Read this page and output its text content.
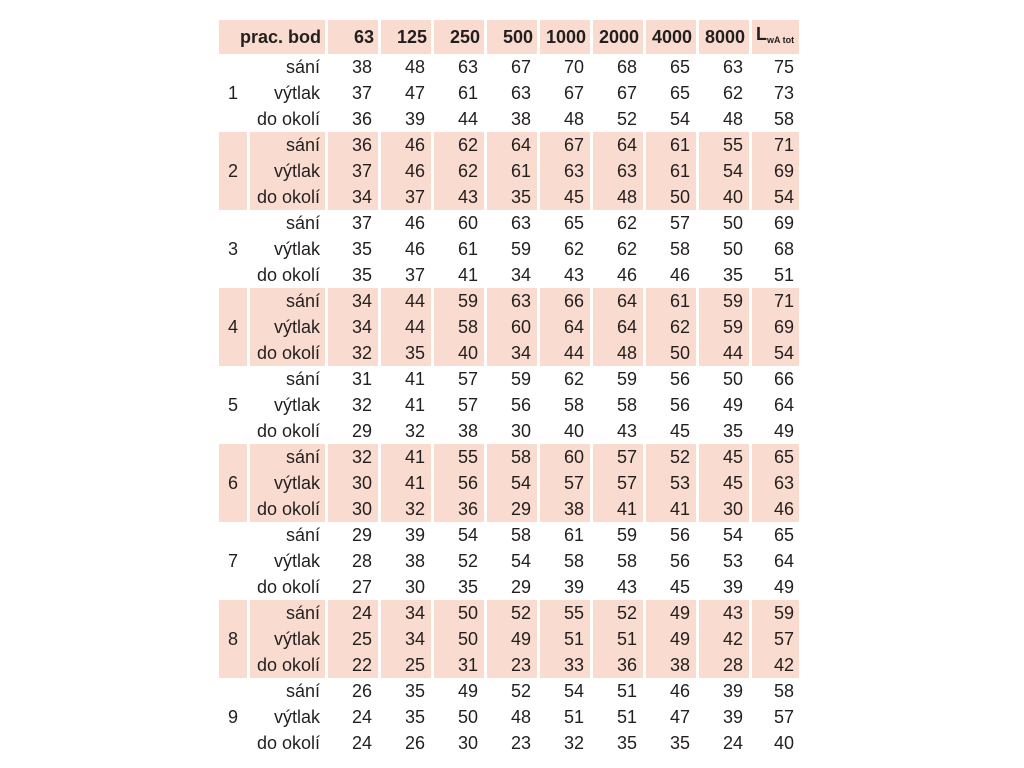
prac. bod		63	125	250	500	1000	2000	4000	8000	$L_{wA tot}$
1	sání	38	48	63	67	70	68	65	63	75
	výtlak	37	47	61	63	67	67	65	62	73
	do okolí	36	39	44	38	48	52	54	48	58
2	sání	36	46	62	64	67	64	61	55	71
	výtlak	37	46	62	61	63	63	61	54	69
	do okolí	34	37	43	35	45	48	50	40	54
3	sání	37	46	60	63	65	62	57	50	69
	výtlak	35	46	61	59	62	62	58	50	68
	do okolí	35	37	41	34	43	46	46	35	51
4	sání	34	44	59	63	66	64	61	59	71
	výtlak	34	44	58	60	64	64	62	59	69
	do okolí	32	35	40	34	44	48	50	44	54
5	sání	31	41	57	59	62	59	56	50	66
	výtlak	32	41	57	56	58	58	56	49	64
	do okolí	29	32	38	30	40	43	45	35	49
6	sání	32	41	55	58	60	57	52	45	65
	výtlak	30	41	56	54	57	57	53	45	63
	do okolí	30	32	36	29	38	41	41	30	46
7	sání	29	39	54	58	61	59	56	54	65
	výtlak	28	38	52	54	58	58	56	53	64
	do okolí	27	30	35	29	39	43	45	39	49
8	sání	24	34	50	52	55	52	49	43	59
	výtlak	25	34	50	49	51	51	49	42	57
	do okolí	22	25	31	23	33	36	38	28	42
9	sání	26	35	49	52	54	51	46	39	58
	výtlak	24	35	50	48	51	51	47	39	57
	do okolí	24	26	30	23	32	35	35	24	40
